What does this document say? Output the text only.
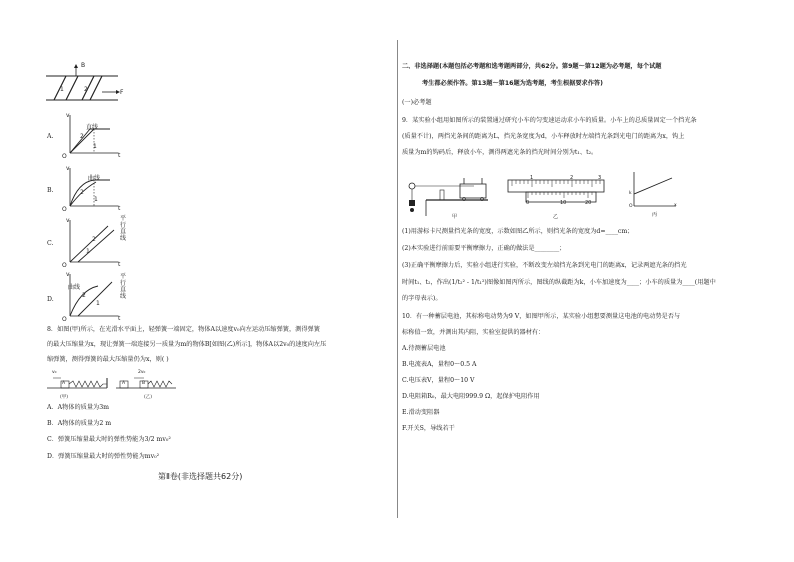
B
F
1	2
A.
v
直线
O	t
2
1
B.
v
曲线
O	t
2
1
C.
v	平行直线
O	t
2
1
D.
v
曲线
平行直线
O	t
2
1
8．如图(甲)所示，在光滑水平面上，轻弹簧一端固定，物体A以速度v₀向左运动压缩弹簧，测得弹簧
的最大压缩量为x，现让弹簧一端连接另一质量为m的物体B[如图(乙)所示]，物体A以2v₀的速度向左压
缩弹簧，测得弹簧的最大压缩量仍为x，则( )
A
v₀
(甲)
A	B
2v₀
(乙)
A．A物体的质量为3m
B．A物体的质量为2 m
C．弹簧压缩量最大时的弹性势能为3/2 mv₀²
D．弹簧压缩量最大时的弹性势能为mv₀²
第Ⅱ卷(非选择题共62分)
二、非选择题(本题包括必考题和选考题两部分，共62分。第9题～第12题为必考题，每个试题
考生都必须作答。第13题～第16题为选考题，考生根据要求作答)
(一)必考题
9．某实验小组用如图所示的装置通过研究小车的匀变速运动求小车的质量。小车上的总质量固定一个挡光条
(质量不计)，两挡光条间的距离为L，挡光条宽度为d，小车释放时左端挡光条到光电门的距离为x，钩上
质量为m的钩码后，释放小车，测得两遮光条的挡光时间分别为t₁、t₂。
甲
1	2	3
0	10	20
乙
k
O	x
丙
(1)用游标卡尺测量挡光条的宽度，示数如图乙所示，则挡光条的宽度为d=____cm；
(2)本实验进行前需要平衡摩擦力，正确的做法是________；
(3)正确平衡摩擦力后，实验小组进行实验，不断改变左端挡光条到光电门的距离x，记录两遮光条的挡光
时间t₁、t₂，作出(1/t₂² - 1/t₁²)图像如图丙所示，图线的纵截距为k，小车加速度为____；小车的质量为____(用题中
的字母表示)。
10．有一种蓄层电池，其标称电动势为9 V，如图甲所示，某实验小组想要测量这电池的电动势是否与
标称值一致，并测出其内阻，实验室提供的器材有：
A.待测蓄层电池
B.电流表A，量程0～0.5 A
C.电压表V，量程0～10 V
D.电阻箱R₀，最大电阻999.9 Ω，起保护电阻作用
E.滑动变阻器
F.开关S，导线若干
